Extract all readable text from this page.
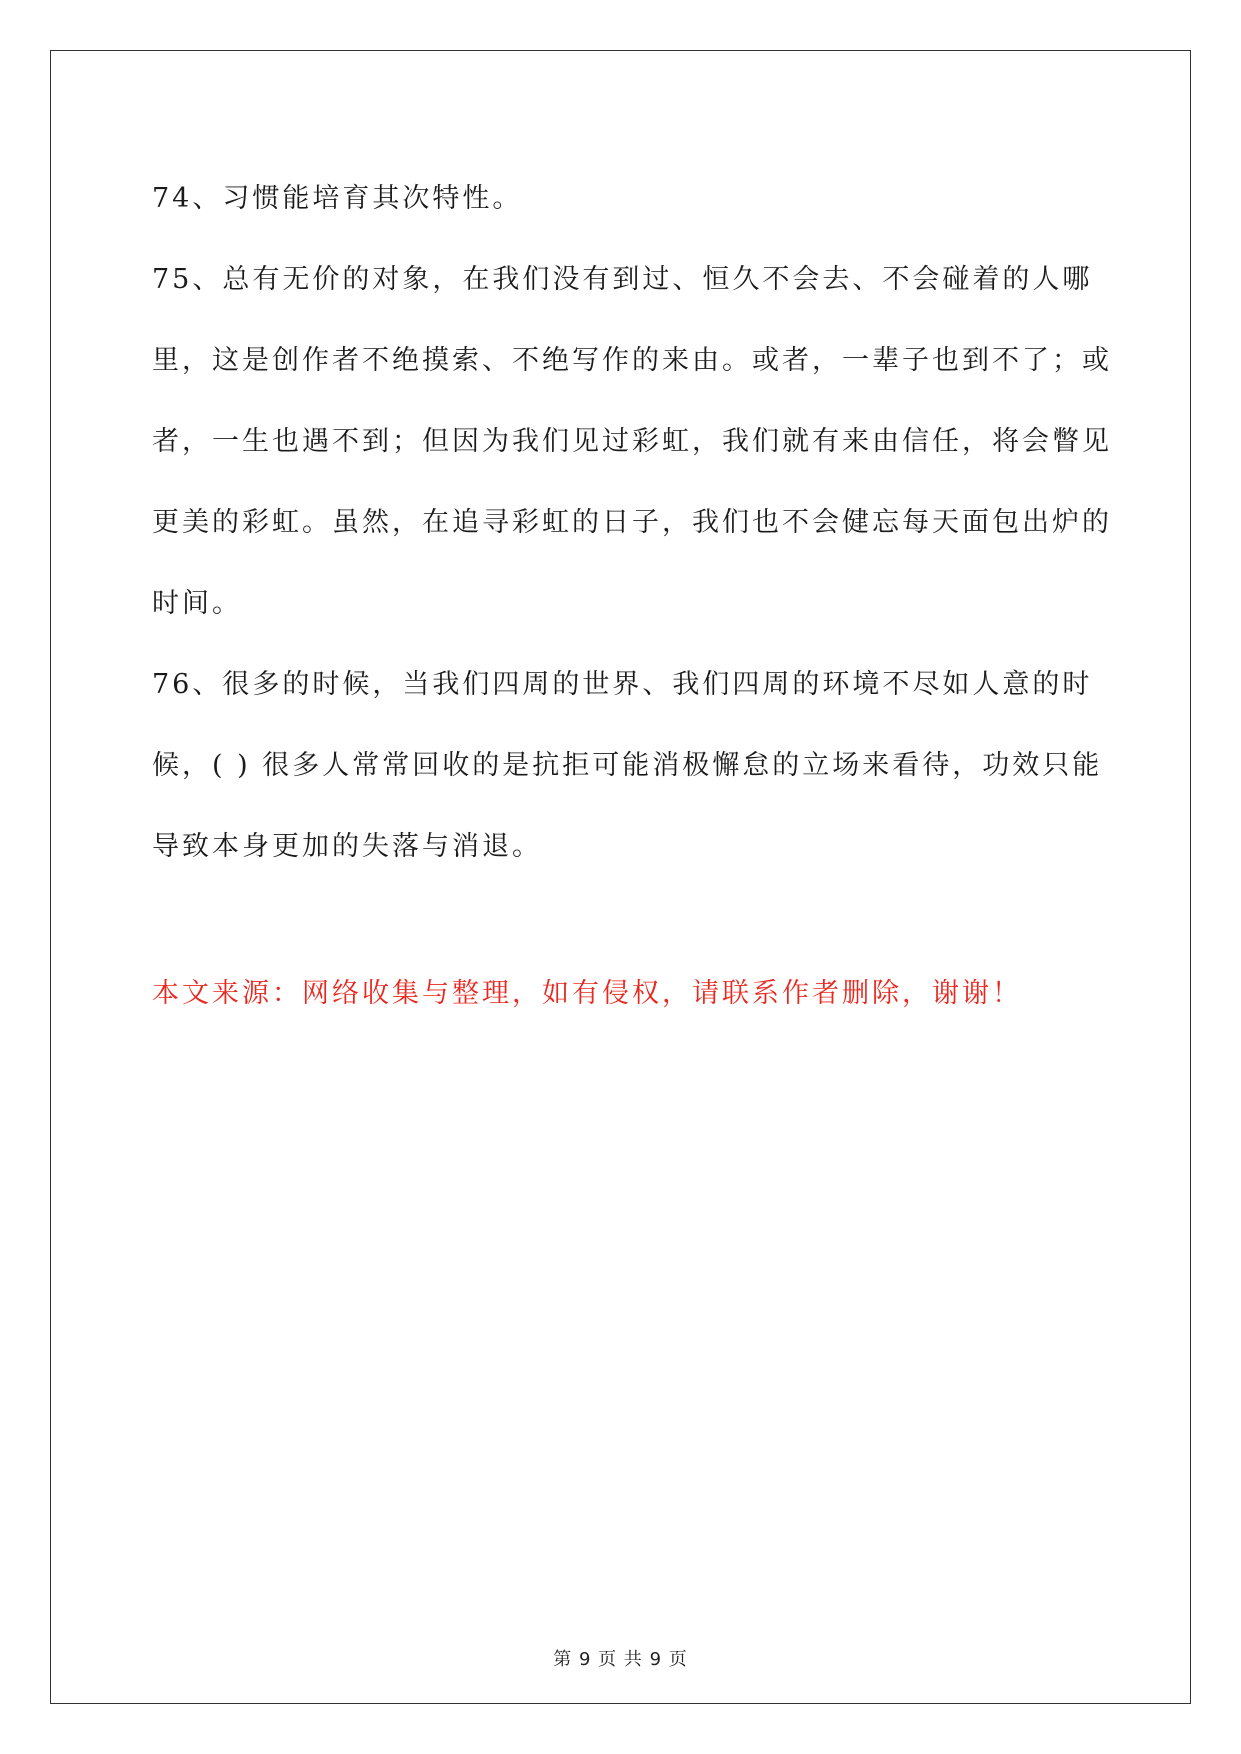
74、习惯能培育其次特性。

75、总有无价的对象，在我们没有到过、恒久不会去、不会碰着的人哪里，这是创作者不绝摸索、不绝写作的来由。或者，一辈子也到不了；或者，一生也遇不到；但因为我们见过彩虹，我们就有来由信任，将会瞥见更美的彩虹。虽然，在追寻彩虹的日子，我们也不会健忘每天面包出炉的时间。

76、很多的时候，当我们四周的世界、我们四周的环境不尽如人意的时候，( ) 很多人常常回收的是抗拒可能消极懈怠的立场来看待，功效只能导致本身更加的失落与消退。

本文来源：网络收集与整理，如有侵权，请联系作者删除，谢谢！

第 9 页 共 9 页
